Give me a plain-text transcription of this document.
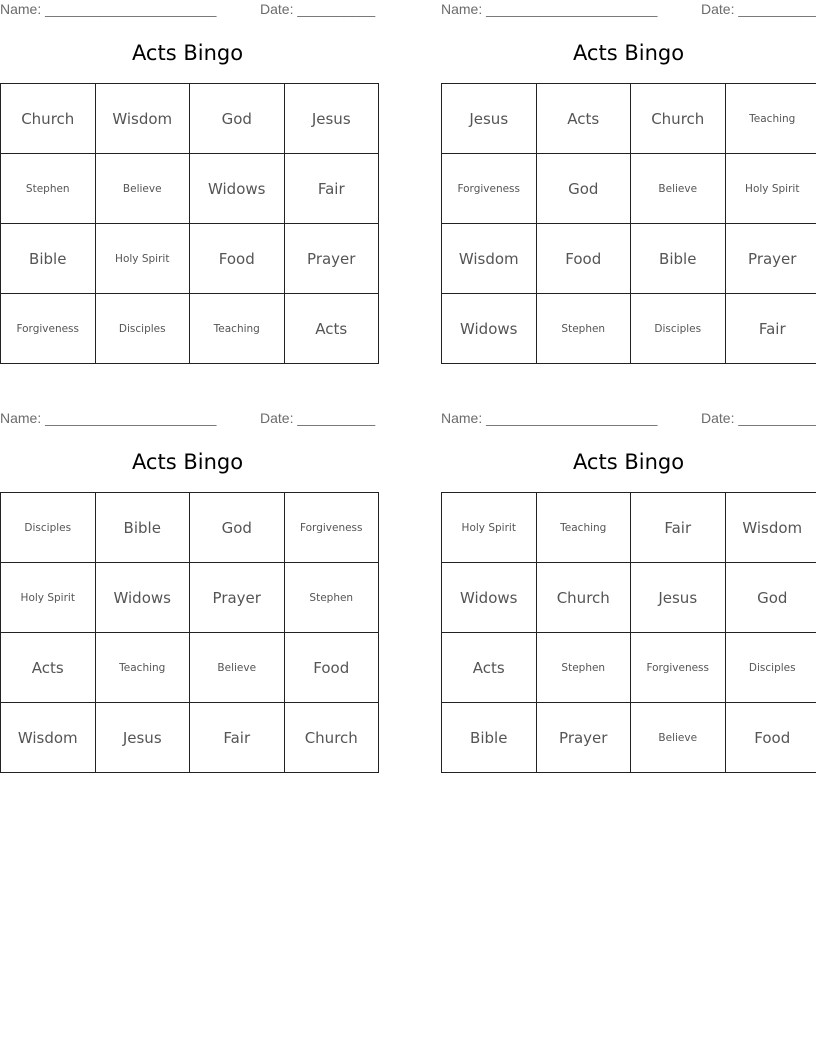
Name: ______________________	Date: __________
Acts Bingo
Church	Wisdom	God	Jesus
Stephen	Believe	Widows	Fair
Bible	Holy Spirit	Food	Prayer
Forgiveness	Disciples	Teaching	Acts
Name: ______________________	Date: __________
Acts Bingo
Jesus	Acts	Church	Teaching
Forgiveness	God	Believe	Holy Spirit
Wisdom	Food	Bible	Prayer
Widows	Stephen	Disciples	Fair
Name: ______________________	Date: __________
Acts Bingo
Disciples	Bible	God	Forgiveness
Holy Spirit	Widows	Prayer	Stephen
Acts	Teaching	Believe	Food
Wisdom	Jesus	Fair	Church
Name: ______________________	Date: __________
Acts Bingo
Holy Spirit	Teaching	Fair	Wisdom
Widows	Church	Jesus	God
Acts	Stephen	Forgiveness	Disciples
Bible	Prayer	Believe	Food
